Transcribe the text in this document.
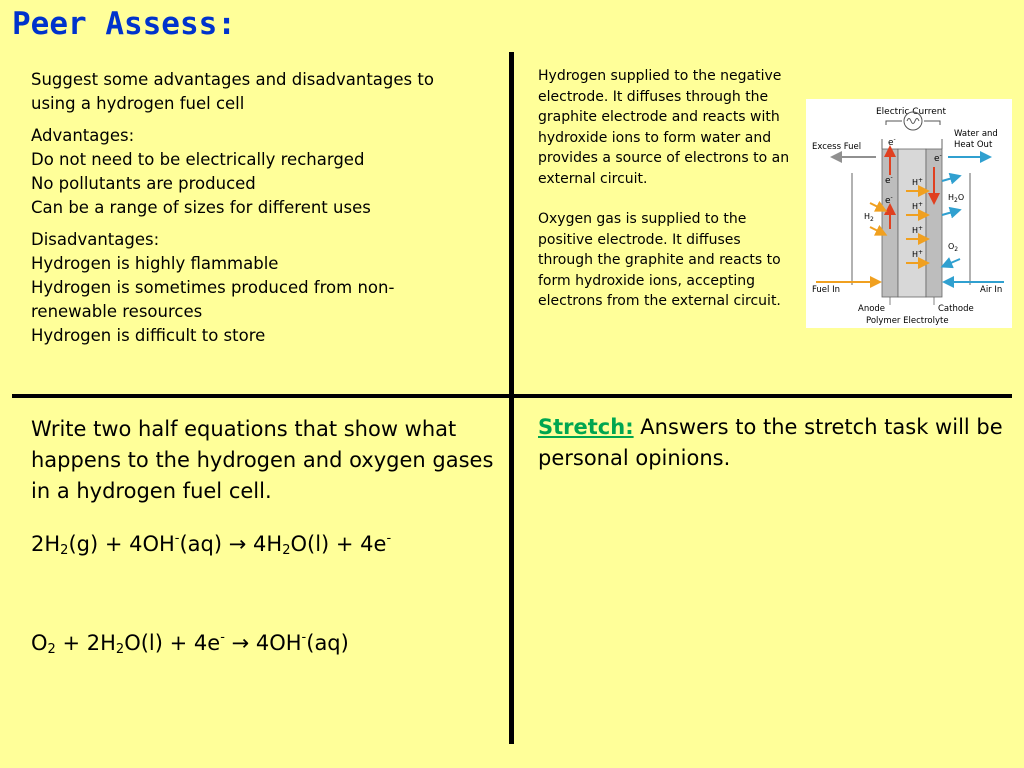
Peer Assess:

Suggest some advantages and disadvantages to
using a hydrogen fuel cell

Advantages:
Do not need to be electrically recharged
No pollutants are produced
Can be a range of sizes for different uses

Disadvantages:
Hydrogen is highly flammable
Hydrogen is sometimes produced from non-
renewable resources
Hydrogen is difficult to store

Hydrogen supplied to the negative electrode. It diffuses through the graphite electrode and reacts with hydroxide ions to form water and provides a source of electrons to an external circuit.

Oxygen gas is supplied to the positive electrode. It diffuses through the graphite and reacts to form hydroxide ions, accepting electrons from the external circuit.

Electric Current
Excess Fuel
Water and
Heat Out
e-
e-
e-
e-
H+
H+
H+
H+
$H_2$
$H_2O$
$O_2$
Fuel In	Air In
Anode	Cathode
Polymer Electrolyte

Write two half equations that show what happens to the hydrogen and oxygen gases in a hydrogen fuel cell.

$2H_2(g) + 4OH^-(aq) \to 4H_2O(l) + 4e^-$

$O_2 + 2H_2O(l) + 4e^- \to 4OH^-(aq)$

Stretch: Answers to the stretch task will be personal opinions.
